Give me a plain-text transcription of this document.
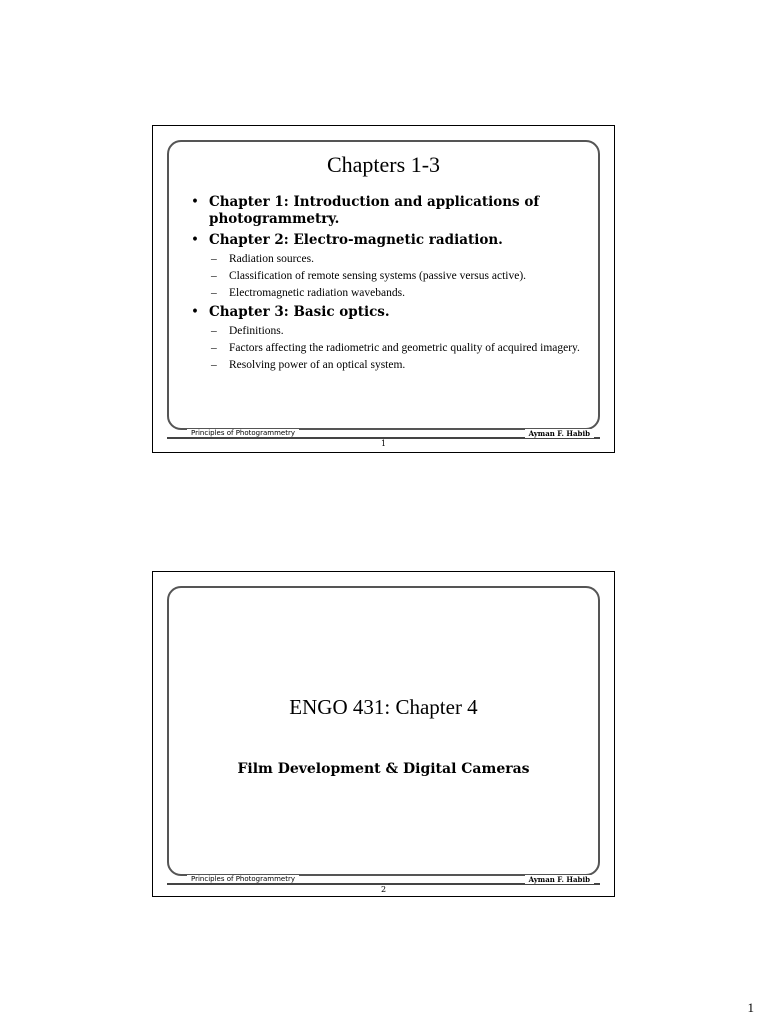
Chapters 1-3
• Chapter 1: Introduction and applications of photogrammetry.
• Chapter 2: Electro-magnetic radiation.
– Radiation sources.
– Classification of remote sensing systems (passive versus active).
– Electromagnetic radiation wavebands.
• Chapter 3: Basic optics.
– Definitions.
– Factors affecting the radiometric and geometric quality of acquired imagery.
– Resolving power of an optical system.
Principles of Photogrammetry	Ayman F. Habib
1
ENGO 431: Chapter 4
Film Development & Digital Cameras
Principles of Photogrammetry	Ayman F. Habib
2
1
